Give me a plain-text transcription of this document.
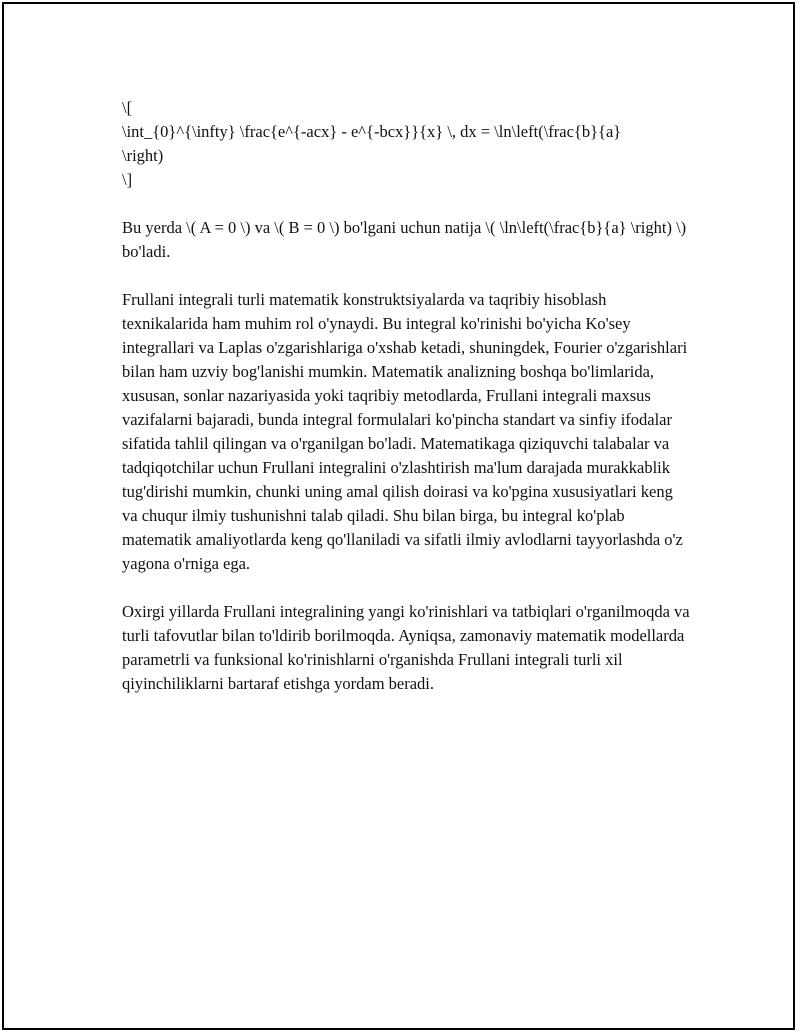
\[

\int_{0}^{\infty} \frac{e^{-acx} - e^{-bcx}}{x} \, dx = \ln\left(\frac{b}{a}

\right)

\]

Bu yerda \( A = 0 \) va \( B = 0 \) bo'lgani uchun natija \( \ln\left(\frac{b}{a} \right) \) bo'ladi.

Frullani integrali turli matematik konstruktsiyalarda va taqribiy hisoblash texnikalarida ham muhim rol o'ynaydi. Bu integral ko'rinishi bo'yicha Ko'sey integrallari va Laplas o'zgarishlariga o'xshab ketadi, shuningdek, Fourier o'zgarishlari bilan ham uzviy bog'lanishi mumkin. Matematik analizning boshqa bo'limlarida, xususan, sonlar nazariyasida yoki taqribiy metodlarda, Frullani integrali maxsus vazifalarni bajaradi, bunda integral formulalari ko'pincha standart va sinfiy ifodalar sifatida tahlil qilingan va o'rganilgan bo'ladi. Matematikaga qiziquvchi talabalar va tadqiqotchilar uchun Frullani integralini o'zlashtirish ma'lum darajada murakkablik tug'dirishi mumkin, chunki uning amal qilish doirasi va ko'pgina xususiyatlari keng va chuqur ilmiy tushunishni talab qiladi. Shu bilan birga, bu integral ko'plab matematik amaliyotlarda keng qo'llaniladi va sifatli ilmiy avlodlarni tayyorlashda o'z yagona o'rniga ega.

Oxirgi yillarda Frullani integralining yangi ko'rinishlari va tatbiqlari o'rganilmoqda va turli tafovutlar bilan to'ldirib borilmoqda. Ayniqsa, zamonaviy matematik modellarda parametrli va funksional ko'rinishlarni o'rganishda Frullani integrali turli xil qiyinchiliklarni bartaraf etishga yordam beradi.
